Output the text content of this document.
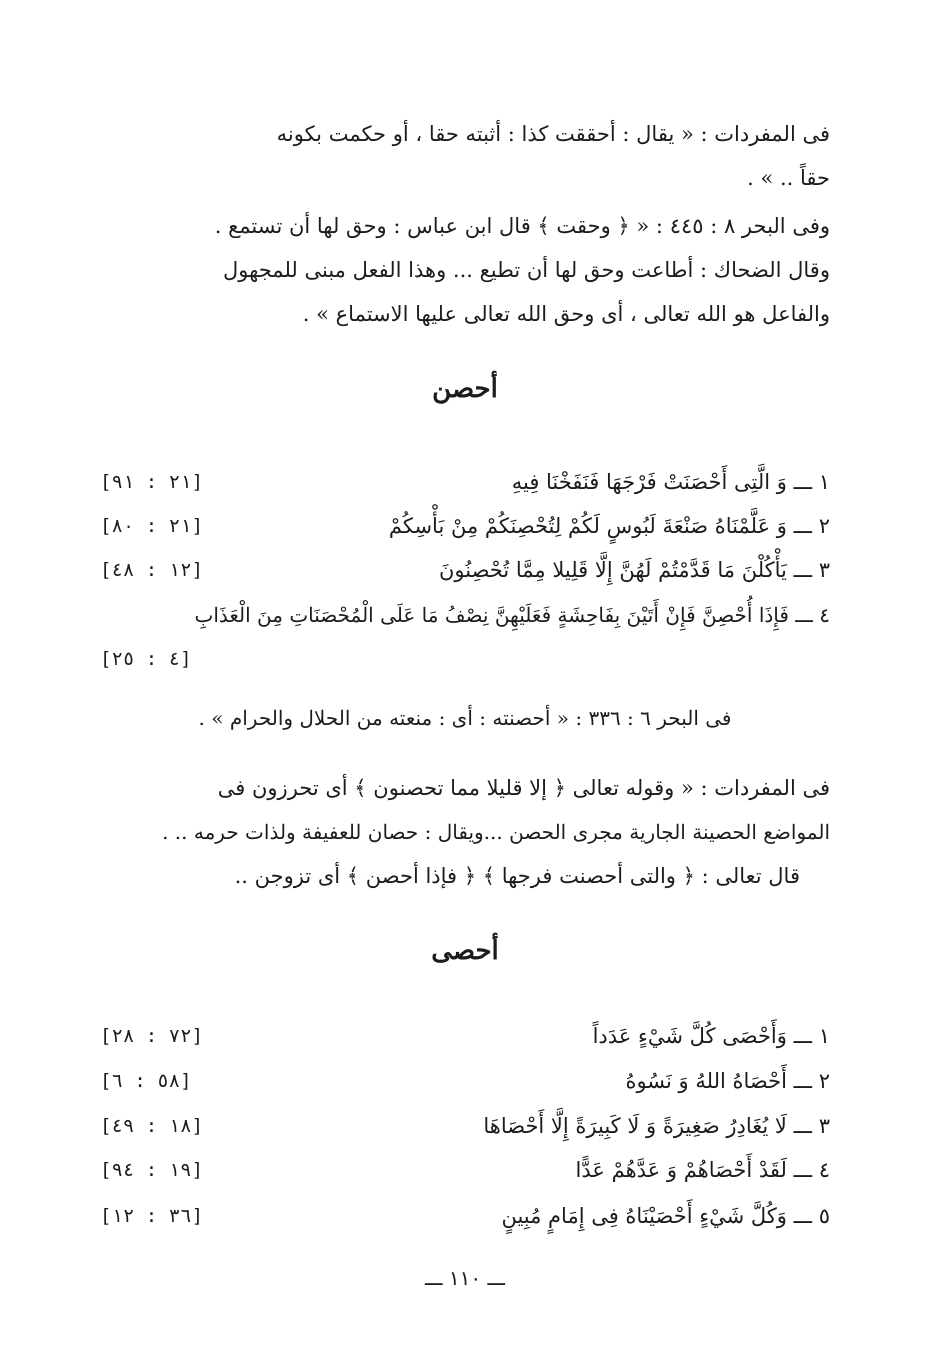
فى المفردات : « يقال : أحققت كذا : أثبته حقا ، أو حكمت بكونه
حقاً .. » .
وفى البحر ٨ : ٤٤٥ : « ﴿ وحقت ﴾ قال ابن عباس : وحق لها أن تستمع .
وقال الضحاك : أطاعت وحق لها أن تطيع ... وهذا الفعل مبنى للمجهول
والفاعل هو الله تعالى ، أى وحق الله تعالى عليها الاستماع » .
أحصن
١ ـــ وَ الَّتِى أَحْصَنَتْ فَرْجَهَا فَنَفَخْنَا فِيهِ
[٢١ : ٩١]
٢ ـــ وَ عَلَّمْنَاهُ صَنْعَةَ لَبُوسٍ لَكُمْ لِتُحْصِنَكُمْ مِنْ بَأْسِكُمْ
[٢١ : ٨٠]
٣ ـــ يَأْكُلْنَ مَا قَدَّمْتُمْ لَهُنَّ إِلَّا قَلِيلا مِمَّا تُحْصِنُونَ
[١٢ : ٤٨]
٤ ـــ فَإِذَا أُحْصِنَّ فَإِنْ أَتَيْنَ بِفَاحِشَةٍ فَعَلَيْهِنَّ نِصْفُ مَا عَلَى الْمُحْصَنَاتِ مِنَ الْعَذَابِ
[٤ : ٢٥]
فى البحر ٦ : ٣٣٦ : « أحصنته : أى : منعته من الحلال والحرام » .
فى المفردات : « وقوله تعالى ﴿ إلا قليلا مما تحصنون ﴾ أى تحرزون فى
المواضع الحصينة الجارية مجرى الحصن ...ويقال : حصان للعفيفة ولذات حرمه .. .
قال تعالى : ﴿ والتى أحصنت فرجها ﴾ ﴿ فإذا أحصن ﴾ أى تزوجن ..
أحصى
١ ـــ وَأَحْصَى كُلَّ شَيْءٍ عَدَداً
[٧٢ : ٢٨]
٢ ـــ أَحْصَاهُ اللهُ وَ نَسُوهُ
[٥٨ : ٦]
٣ ـــ لَا يُغَادِرُ صَغِيرَةً وَ لَا كَبِيرَةً إِلَّا أَحْصَاهَا
[١٨ : ٤٩]
٤ ـــ لَقَدْ أَحْصَاهُمْ وَ عَدَّهُمْ عَدًّا
[١٩ : ٩٤]
٥ ـــ وَكُلَّ شَيْءٍ أَحْصَيْنَاهُ فِى إِمَامٍ مُبِينٍ
[٣٦ : ١٢]
ـــ ١١٠ ـــ
